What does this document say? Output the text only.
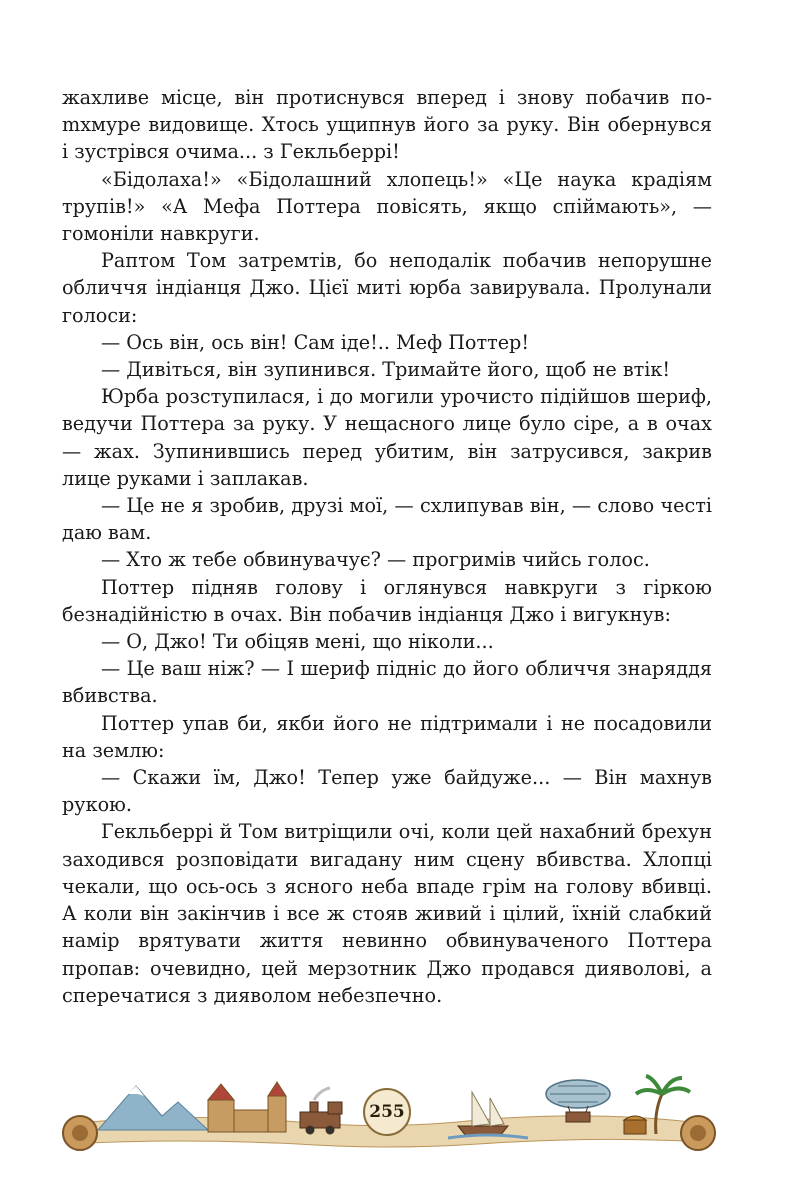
жахливе місце, він протиснувся вперед і знову побачив поmхмуре видовище. Хтось ущипнув його за руку. Він обернувся і зустрівся очима... з Гекльберрі!

«Бідолаха!» «Бідолашний хлопець!» «Це наука крадіям трупів!» «А Мефа Поттера повісять, якщо спіймають», — гомоніли навкруги.

Раптом Том затремтів, бо неподалік побачив непорушне обличчя індіанця Джо. Цієї миті юрба завирувала. Пролунали голоси:

— Ось він, ось він! Сам іде!.. Меф Поттер!

— Дивіться, він зупинився. Тримайте його, щоб не втік!

Юрба розступилася, і до могили урочисто підійшов шериф, ведучи Поттера за руку. У нещасного лице було сіре, а в очах — жах. Зупинившись перед убитим, він затрусився, закрив лице руками і заплакав.

— Це не я зробив, друзі мої, — схлипував він, — слово честі даю вам.

— Хто ж тебе обвинувачує? — прогримів чийсь голос.

Поттер підняв голову і оглянувся навкруги з гіркою безнадійністю в очах. Він побачив індіанця Джо і вигукнув:

— О, Джо! Ти обіцяв мені, що ніколи...

— Це ваш ніж? — І шериф підніс до його обличчя знаряддя вбивства.

Поттер упав би, якби його не підтримали і не посадовили на землю:

— Скажи їм, Джо! Тепер уже байдуже... — Він махнув рукою.

Гекльберрі й Том витріщили очі, коли цей нахабний брехун заходився розповідати вигадану ним сцену вбивства. Хлопці чекали, що ось-ось з ясного неба впаде грім на голову вбивці. А коли він закінчив і все ж стояв живий і цілий, їхній слабкий намір врятувати життя невинно обвинуваченого Поттера пропав: очевидно, цей мерзотник Джо продався дияволові, а сперечатися з дияволом небезпечно.

255
